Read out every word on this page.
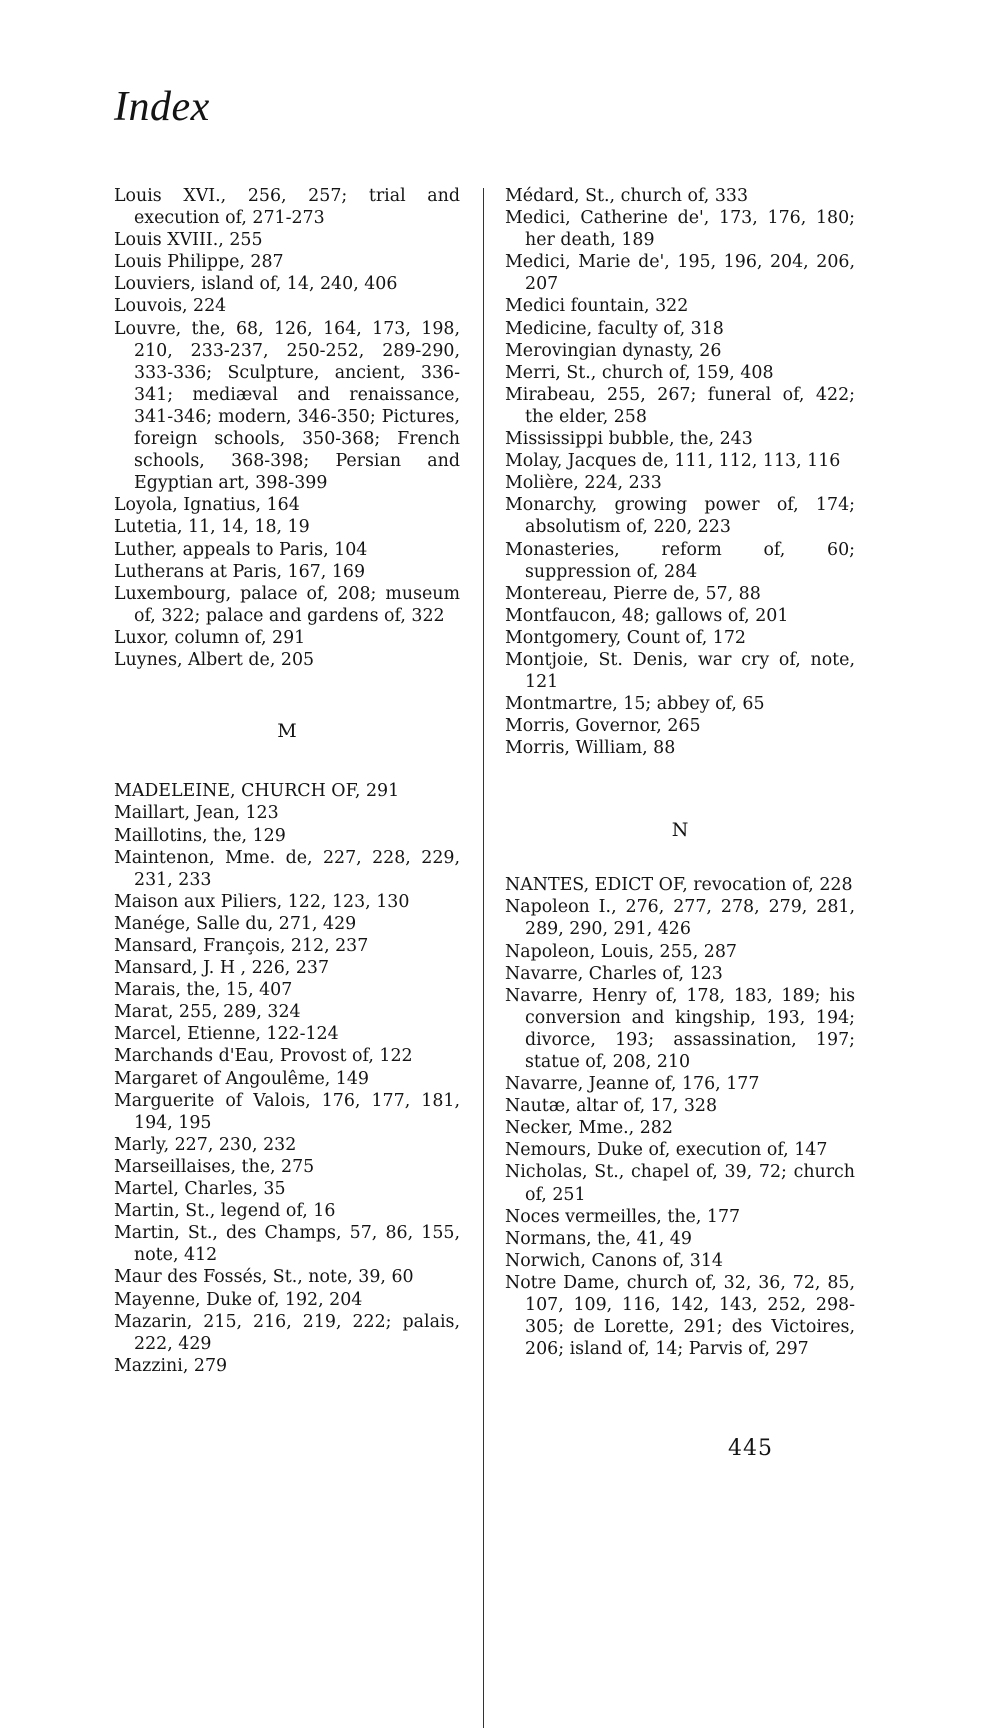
Index
Louis XVI., 256, 257; trial and execution of, 271-273
Louis XVIII., 255
Louis Philippe, 287
Louviers, island of, 14, 240, 406
Louvois, 224
Louvre, the, 68, 126, 164, 173, 198, 210, 233-237, 250-252, 289-290, 333-336; Sculpture, ancient, 336-341; mediæval and renaissance, 341-346; modern, 346-350; Pictures, foreign schools, 350-368; French schools, 368-398; Persian and Egyptian art, 398-399
Loyola, Ignatius, 164
Lutetia, 11, 14, 18, 19
Luther, appeals to Paris, 104
Lutherans at Paris, 167, 169
Luxembourg, palace of, 208; museum of, 322; palace and gardens of, 322
Luxor, column of, 291
Luynes, Albert de, 205
M
MADELEINE, CHURCH OF, 291
Maillart, Jean, 123
Maillotins, the, 129
Maintenon, Mme. de, 227, 228, 229, 231, 233
Maison aux Piliers, 122, 123, 130
Manége, Salle du, 271, 429
Mansard, François, 212, 237
Mansard, J. H , 226, 237
Marais, the, 15, 407
Marat, 255, 289, 324
Marcel, Etienne, 122-124
Marchands d'Eau, Provost of, 122
Margaret of Angoulême, 149
Marguerite of Valois, 176, 177, 181, 194, 195
Marly, 227, 230, 232
Marseillaises, the, 275
Martel, Charles, 35
Martin, St., legend of, 16
Martin, St., des Champs, 57, 86, 155, note, 412
Maur des Fossés, St., note, 39, 60
Mayenne, Duke of, 192, 204
Mazarin, 215, 216, 219, 222; palais, 222, 429
Mazzini, 279
Médard, St., church of, 333
Medici, Catherine de', 173, 176, 180; her death, 189
Medici, Marie de', 195, 196, 204, 206, 207
Medici fountain, 322
Medicine, faculty of, 318
Merovingian dynasty, 26
Merri, St., church of, 159, 408
Mirabeau, 255, 267; funeral of, 422; the elder, 258
Mississippi bubble, the, 243
Molay, Jacques de, 111, 112, 113, 116
Molière, 224, 233
Monarchy, growing power of, 174; absolutism of, 220, 223
Monasteries, reform of, 60; suppression of, 284
Montereau, Pierre de, 57, 88
Montfaucon, 48; gallows of, 201
Montgomery, Count of, 172
Montjoie, St. Denis, war cry of, note, 121
Montmartre, 15; abbey of, 65
Morris, Governor, 265
Morris, William, 88
N
NANTES, EDICT OF, revocation of, 228
Napoleon I., 276, 277, 278, 279, 281, 289, 290, 291, 426
Napoleon, Louis, 255, 287
Navarre, Charles of, 123
Navarre, Henry of, 178, 183, 189; his conversion and kingship, 193, 194; divorce, 193; assassination, 197; statue of, 208, 210
Navarre, Jeanne of, 176, 177
Nautæ, altar of, 17, 328
Necker, Mme., 282
Nemours, Duke of, execution of, 147
Nicholas, St., chapel of, 39, 72; church of, 251
Noces vermeilles, the, 177
Normans, the, 41, 49
Norwich, Canons of, 314
Notre Dame, church of, 32, 36, 72, 85, 107, 109, 116, 142, 143, 252, 298-305; de Lorette, 291; des Victoires, 206; island of, 14; Parvis of, 297
445
